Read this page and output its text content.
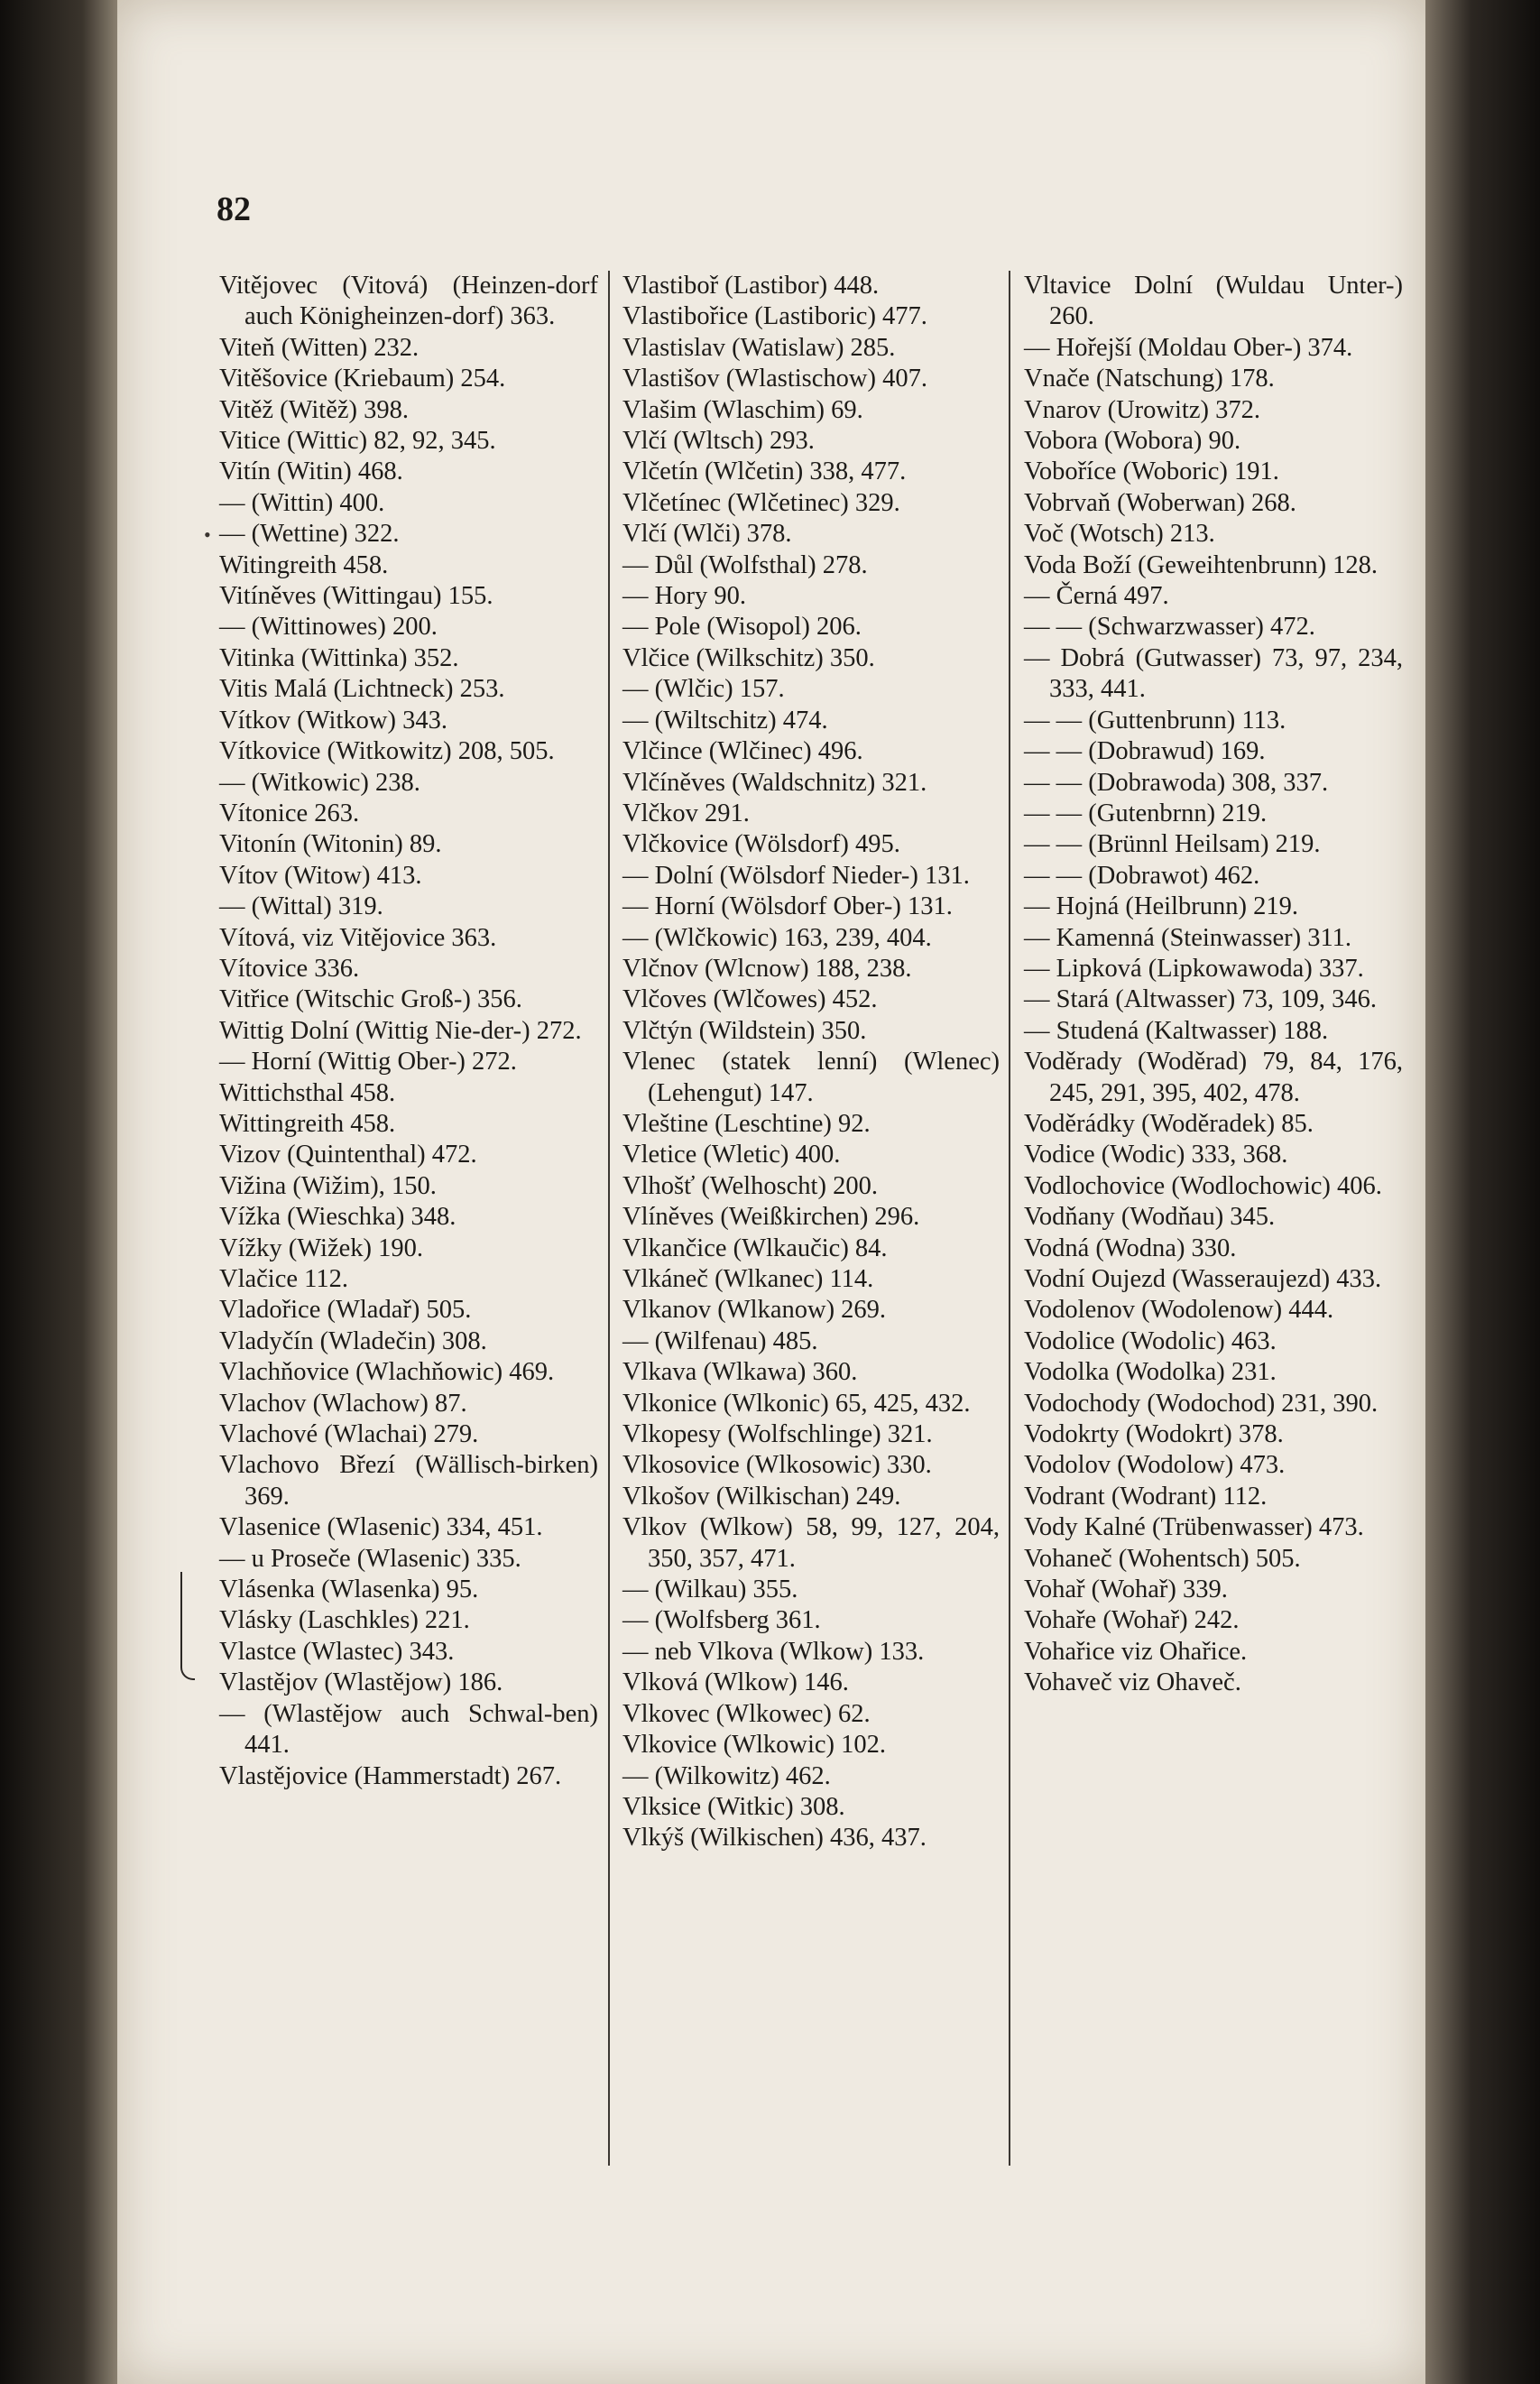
82

Vitějovec (Vitová) (Heinzen-dorf auch Königheinzen-dorf) 363.

Viteň (Witten) 232.

Vitěšovice (Kriebaum) 254.

Vitěž (Witěž) 398.

Vitice (Wittic) 82, 92, 345.

Vitín (Witin) 468.

— (Wittin) 400.

— (Wettine) 322.

Witingreith 458.

Vitíněves (Wittingau) 155.

— (Wittinowes) 200.

Vitinka (Wittinka) 352.

Vitis Malá (Lichtneck) 253.

Vítkov (Witkow) 343.

Vítkovice (Witkowitz) 208, 505.

— (Witkowic) 238.

Vítonice 263.

Vitonín (Witonin) 89.

Vítov (Witow) 413.

— (Wittal) 319.

Vítová, viz Vitějovice 363.

Vítovice 336.

Vitřice (Witschic Groß-) 356.

Wittig Dolní (Wittig Nie-der-) 272.

— Horní (Wittig Ober-) 272.

Wittichsthal 458.

Wittingreith 458.

Vizov (Quintenthal) 472.

Vižina (Wižim), 150.

Vížka (Wieschka) 348.

Vížky (Wižek) 190.

Vlačice 112.

Vladořice (Wladař) 505.

Vladyčín (Wladečin) 308.

Vlachňovice (Wlachňowic) 469.

Vlachov (Wlachow) 87.

Vlachové (Wlachai) 279.

Vlachovo Březí (Wällisch-birken) 369.

Vlasenice (Wlasenic) 334, 451.

— u Proseče (Wlasenic) 335.

Vlásenka (Wlasenka) 95.

Vlásky (Laschkles) 221.

Vlastce (Wlastec) 343.

Vlastějov (Wlastějow) 186.

— (Wlastějow auch Schwal-ben) 441.

Vlastějovice (Hammerstadt) 267.

Vlastiboř (Lastibor) 448.

Vlastibořice (Lastiboric) 477.

Vlastislav (Watislaw) 285.

Vlastišov (Wlastischow) 407.

Vlašim (Wlaschim) 69.

Vlčí (Wltsch) 293.

Vlčetín (Wlčetin) 338, 477.

Vlčetínec (Wlčetinec) 329.

Vlčí (Wlči) 378.

— Důl (Wolfsthal) 278.

— Hory 90.

— Pole (Wisopol) 206.

Vlčice (Wilkschitz) 350.

— (Wlčic) 157.

— (Wiltschitz) 474.

Vlčince (Wlčinec) 496.

Vlčíněves (Waldschnitz) 321.

Vlčkov 291.

Vlčkovice (Wölsdorf) 495.

— Dolní (Wölsdorf Nieder-) 131.

— Horní (Wölsdorf Ober-) 131.

— (Wlčkowic) 163, 239, 404.

Vlčnov (Wlcnow) 188, 238.

Vlčoves (Wlčowes) 452.

Vlčtýn (Wildstein) 350.

Vlenec (statek lenní) (Wlenec) (Lehengut) 147.

Vleštine (Leschtine) 92.

Vletice (Wletic) 400.

Vlhošť (Welhoscht) 200.

Vlíněves (Weißkirchen) 296.

Vlkančice (Wlkaučic) 84.

Vlkáneč (Wlkanec) 114.

Vlkanov (Wlkanow) 269.

— (Wilfenau) 485.

Vlkava (Wlkawa) 360.

Vlkonice (Wlkonic) 65, 425, 432.

Vlkopesy (Wolfschlinge) 321.

Vlkosovice (Wlkosowic) 330.

Vlkošov (Wilkischan) 249.

Vlkov (Wlkow) 58, 99, 127, 204, 350, 357, 471.

— (Wilkau) 355.

— (Wolfsberg 361.

— neb Vlkova (Wlkow) 133.

Vlková (Wlkow) 146.

Vlkovec (Wlkowec) 62.

Vlkovice (Wlkowic) 102.

— (Wilkowitz) 462.

Vlksice (Witkic) 308.

Vlkýš (Wilkischen) 436, 437.

Vltavice Dolní (Wuldau Unter-) 260.

— Hořejší (Moldau Ober-) 374.

Vnače (Natschung) 178.

Vnarov (Urowitz) 372.

Vobora (Wobora) 90.

Voboříce (Woboric) 191.

Vobrvaň (Woberwan) 268.

Voč (Wotsch) 213.

Voda Boží (Geweihtenbrunn) 128.

— Černá 497.

— — (Schwarzwasser) 472.

— Dobrá (Gutwasser) 73, 97, 234, 333, 441.

— — (Guttenbrunn) 113.

— — (Dobrawud) 169.

— — (Dobrawoda) 308, 337.

— — (Gutenbrnn) 219.

— — (Brünnl Heilsam) 219.

— — (Dobrawot) 462.

— Hojná (Heilbrunn) 219.

— Kamenná (Steinwasser) 311.

— Lipková (Lipkowawoda) 337.

— Stará (Altwasser) 73, 109, 346.

— Studená (Kaltwasser) 188.

Voděrady (Woděrad) 79, 84, 176, 245, 291, 395, 402, 478.

Voděrádky (Woděradek) 85.

Vodice (Wodic) 333, 368.

Vodlochovice (Wodlochowic) 406.

Vodňany (Wodňau) 345.

Vodná (Wodna) 330.

Vodní Oujezd (Wasseraujezd) 433.

Vodolenov (Wodolenow) 444.

Vodolice (Wodolic) 463.

Vodolka (Wodolka) 231.

Vodochody (Wodochod) 231, 390.

Vodokrty (Wodokrt) 378.

Vodolov (Wodolow) 473.

Vodrant (Wodrant) 112.

Vody Kalné (Trübenwasser) 473.

Vohaneč (Wohentsch) 505.

Vohař (Wohař) 339.

Vohaře (Wohař) 242.

Vohařice viz Ohařice.

Vohaveč viz Ohaveč.

•
